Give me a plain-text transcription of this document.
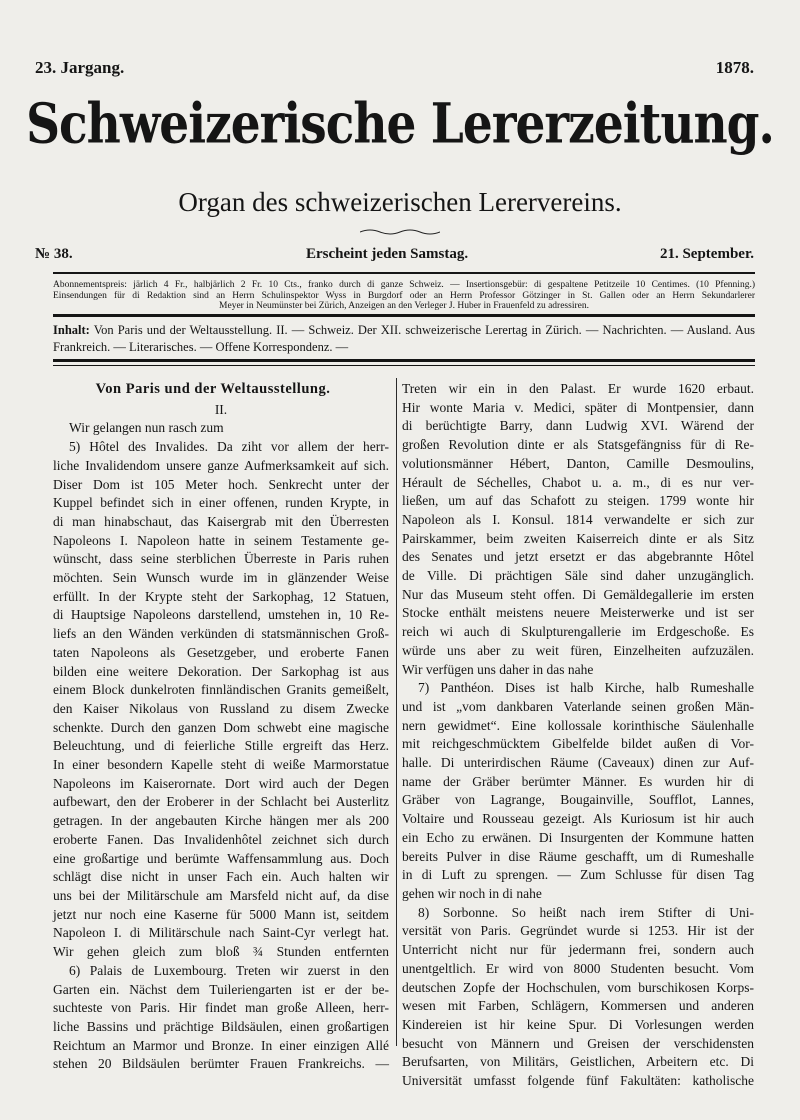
23. Jargang.	1878.
Schweizerische Lererzeitung.
Organ des schweizerischen Lerervereins.
№ 38.	Erscheint jeden Samstag.	21. September.

Abonnementspreis: järlich 4 Fr., halbjärlich 2 Fr. 10 Cts., franko durch di ganze Schweiz. — Insertionsgebür: di gespaltene Petitzeile 10 Centimes. (10 Pfenning.)

Einsendungen für di Redaktion sind an Herrn Schulinspektor Wyss in Burgdorf oder an Herrn Professor Götzinger in St. Gallen oder an Herrn Sekundarlerer

Meyer in Neumünster bei Zürich, Anzeigen an den Verleger J. Huber in Frauenfeld zu adressiren.

Inhalt: Von Paris und der Weltausstellung. II. — Schweiz. Der XII. schweizerische Lerertag in Zürich. — Nachrichten. — Ausland. Aus Frankreich. — Literarisches. — Offene Korrespondenz. —

Von Paris und der Weltausstellung.

II.

Wir gelangen nun rasch zum

5) Hôtel des Invalides. Da ziht vor allem der herr-

liche Invalidendom unsere ganze Aufmerksamkeit auf sich.

Diser Dom ist 105 Meter hoch. Senkrecht unter der

Kuppel befindet sich in einer offenen, runden Krypte, in

di man hinabschaut, das Kaisergrab mit den Überresten

Napoleons I. Napoleon hatte in seinem Testamente ge-

wünscht, dass seine sterblichen Überreste in Paris ruhen

möchten. Sein Wunsch wurde im in glänzender Weise

erfüllt. In der Krypte steht der Sarkophag, 12 Statuen,

di Hauptsige Napoleons darstellend, umstehen in, 10 Re-

liefs an den Wänden verkünden di statsmännischen Groß-

taten Napoleons als Gesetzgeber, und eroberte Fanen

bilden eine weitere Dekoration. Der Sarkophag ist aus

einem Block dunkelroten finnländischen Granits gemeißelt,

den Kaiser Nikolaus von Russland zu disem Zwecke

schenkte. Durch den ganzen Dom schwebt eine magische

Beleuchtung, und di feierliche Stille ergreift das Herz.

In einer besondern Kapelle steht di weiße Marmorstatue

Napoleons im Kaiserornate. Dort wird auch der Degen

aufbewart, den der Eroberer in der Schlacht bei Austerlitz

getragen. In der angebauten Kirche hängen mer als 200

eroberte Fanen. Das Invalidenhôtel zeichnet sich durch

eine großartige und berümte Waffensammlung aus. Doch

schlägt dise nicht in unser Fach ein. Auch halten wir

uns bei der Militärschule am Marsfeld nicht auf, da dise

jetzt nur noch eine Kaserne für 5000 Mann ist, seitdem

Napoleon I. di Militärschule nach Saint-Cyr verlegt hat.

Wir gehen gleich zum bloß ¾ Stunden entfernten

6) Palais de Luxembourg. Treten wir zuerst in den

Garten ein. Nächst dem Tuileriengarten ist er der be-

suchteste von Paris. Hir findet man große Alleen, herr-

liche Bassins und prächtige Bildsäulen, einen großartigen

Reichtum an Marmor und Bronze. In einer einzigen Allé

stehen 20 Bildsäulen berümter Frauen Frankreichs. —

Treten wir ein in den Palast. Er wurde 1620 erbaut.

Hir wonte Maria v. Medici, später di Montpensier, dann

di berüchtigte Barry, dann Ludwig XVI. Wärend der

großen Revolution dinte er als Statsgefängniss für di Re-

volutionsmänner Hébert, Danton, Camille Desmoulins,

Hérault de Séchelles, Chabot u. a. m., di es nur ver-

ließen, um auf das Schafott zu steigen. 1799 wonte hir

Napoleon als I. Konsul. 1814 verwandelte er sich zur

Pairskammer, beim zweiten Kaiserreich dinte er als Sitz

des Senates und jetzt ersetzt er das abgebrannte Hôtel

de Ville. Di prächtigen Säle sind daher unzugänglich.

Nur das Museum steht offen. Di Gemäldegallerie im ersten

Stocke enthält meistens neuere Meisterwerke und ist ser

reich wi auch di Skulpturengallerie im Erdgeschoße. Es

würde uns aber zu weit füren, Einzelheiten aufzuzälen.

Wir verfügen uns daher in das nahe

7) Panthéon. Dises ist halb Kirche, halb Rumeshalle

und ist „vom dankbaren Vaterlande seinen großen Män-

nern gewidmet“. Eine kollossale korinthische Säulenhalle

mit reichgeschmücktem Gibelfelde bildet außen di Vor-

halle. Di unterirdischen Räume (Caveaux) dinen zur Auf-

name der Gräber berümter Männer. Es wurden hir di

Gräber von Lagrange, Bougainville, Soufflot, Lannes,

Voltaire und Rousseau gezeigt. Als Kuriosum ist hir auch

ein Echo zu erwänen. Di Insurgenten der Kommune hatten

bereits Pulver in dise Räume geschafft, um di Rumeshalle

in di Luft zu sprengen. — Zum Schlusse für disen Tag

gehen wir noch in di nahe

8) Sorbonne. So heißt nach irem Stifter di Uni-

versität von Paris. Gegründet wurde si 1253. Hir ist der

Unterricht nicht nur für jedermann frei, sondern auch

unentgeltlich. Er wird von 8000 Studenten besucht. Vom

deutschen Zopfe der Hochschulen, vom burschikosen Korps-

wesen mit Farben, Schlägern, Kommersen und anderen

Kindereien ist hir keine Spur. Di Vorlesungen werden

besucht von Männern und Greisen der verschidensten

Berufsarten, von Militärs, Geistlichen, Arbeitern etc. Di

Universität umfasst folgende fünf Fakultäten: katholische
